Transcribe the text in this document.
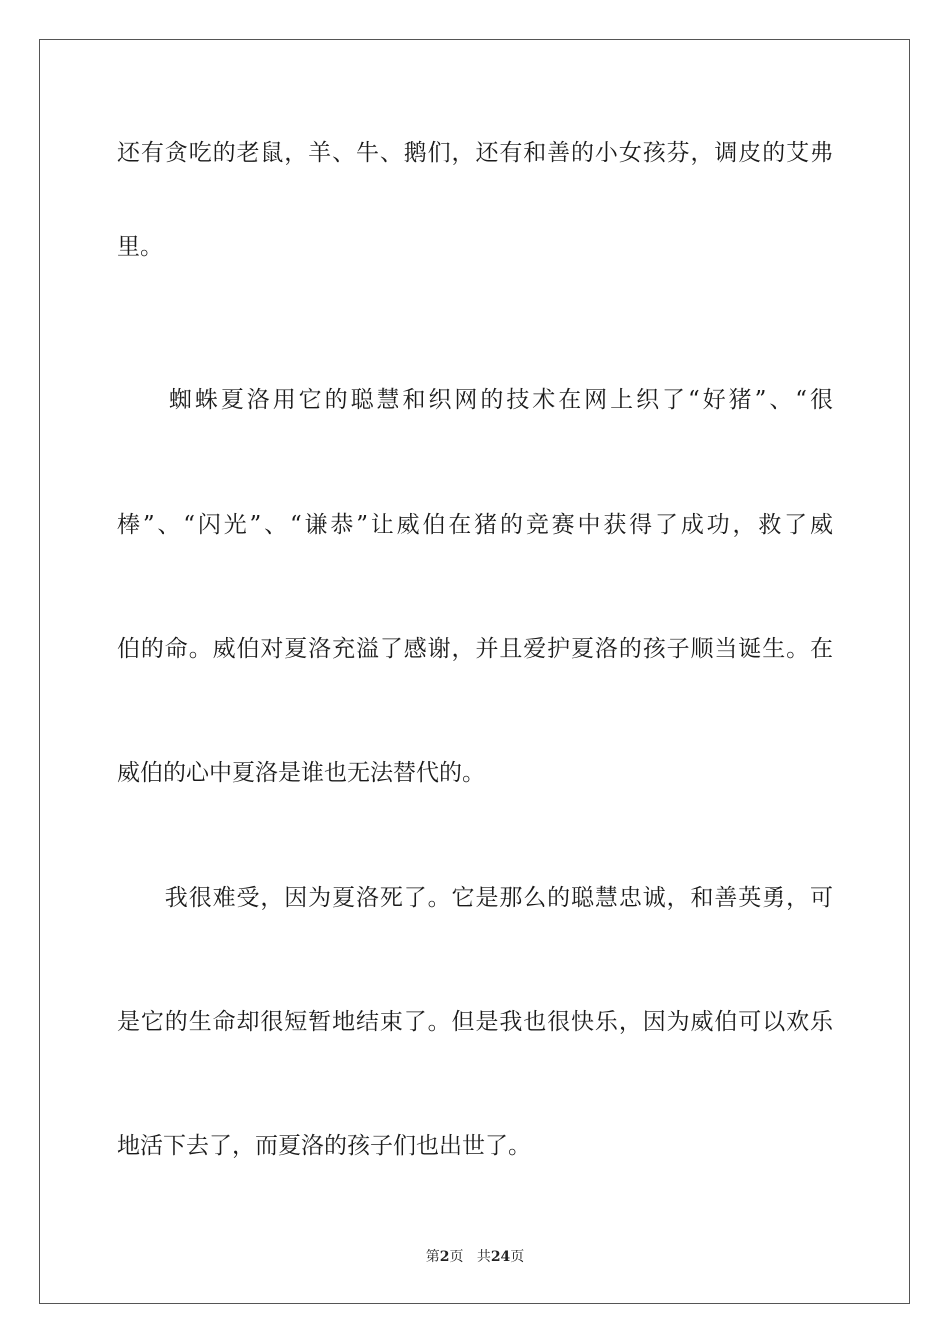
还有贪吃的老鼠，羊、牛、鹅们，还有和善的小女孩芬，调皮的艾弗
里。
　　蜘蛛夏洛用它的聪慧和织网的技术在网上织了“好猪”、“很
棒”、“闪光”、“谦恭”让威伯在猪的竞赛中获得了成功，救了威
伯的命。威伯对夏洛充溢了感谢，并且爱护夏洛的孩子顺当诞生。在
威伯的心中夏洛是谁也无法替代的。
　　我很难受，因为夏洛死了。它是那么的聪慧忠诚，和善英勇，可
是它的生命却很短暂地结束了。但是我也很快乐，因为威伯可以欢乐
地活下去了，而夏洛的孩子们也出世了。
第2页 共24页
